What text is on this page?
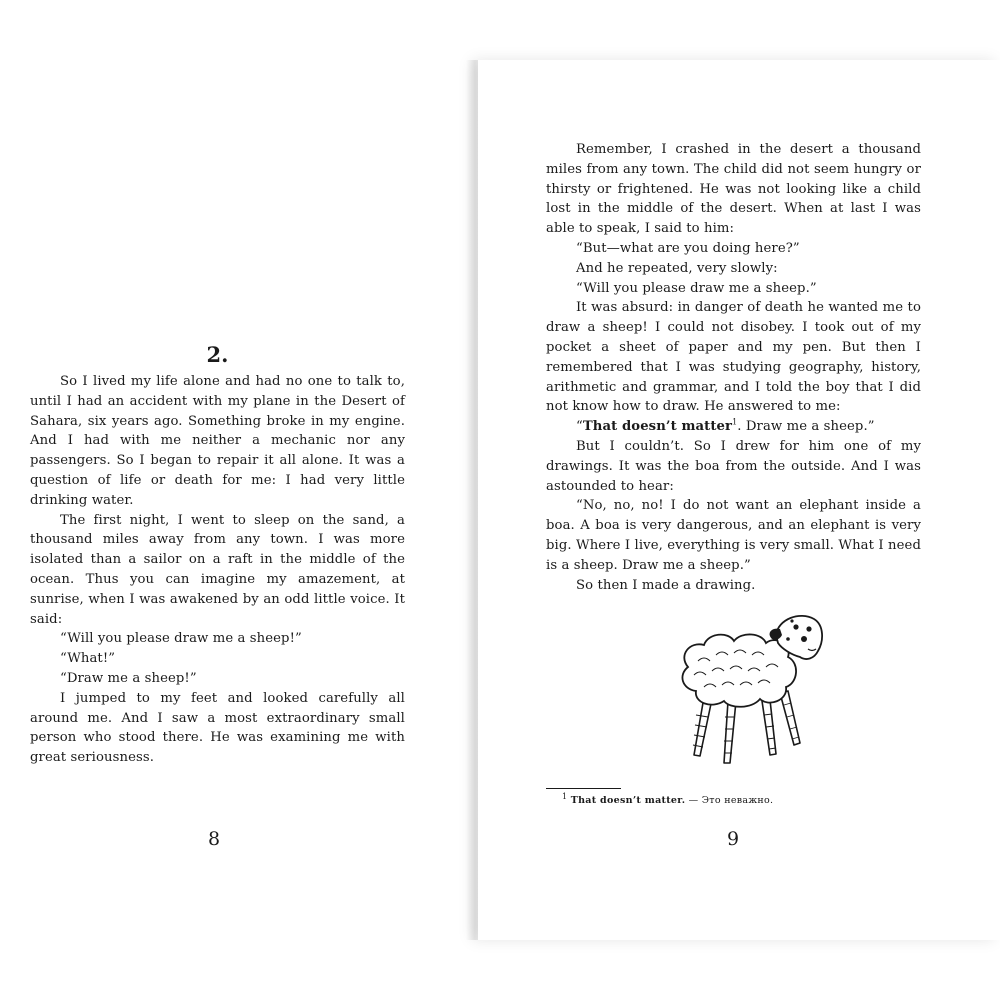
2.

So I lived my life alone and had no one to talk to, until I had an accident with my plane in the Desert of Sahara, six years ago. Something broke in my engine. And I had with me neither a mechanic nor any passengers. So I began to repair it all alone. It was a question of life or death for me: I had very little drinking water.

The first night, I went to sleep on the sand, a thousand miles away from any town. I was more isolated than a sailor on a raft in the middle of the ocean. Thus you can imagine my amazement, at sunrise, when I was awakened by an odd little voice. It said:

“Will you please draw me a sheep!”

“What!”

“Draw me a sheep!”

I jumped to my feet and looked carefully all around me. And I saw a most extraordinary small person who stood there. He was examining me with great seriousness.

8

Remember, I crashed in the desert a thousand miles from any town. The child did not seem hungry or thirsty or frightened. He was not looking like a child lost in the middle of the desert. When at last I was able to speak, I said to him:

“But—what are you doing here?”

And he repeated, very slowly:

“Will you please draw me a sheep.”

It was absurd: in danger of death he wanted me to draw a sheep! I could not disobey. I took out of my pocket a sheet of paper and my pen. But then I remembered that I was studying geography, history, arithmetic and grammar, and I told the boy that I did not know how to draw. He answered to me:

“That doesn’t matter$^1$. Draw me a sheep.”

But I couldn’t. So I drew for him one of my drawings. It was the boa from the outside. And I was astounded to hear:

“No, no, no! I do not want an elephant inside a boa. A boa is very dangerous, and an elephant is very big. Where I live, everything is very small. What I need is a sheep. Draw me a sheep.”

So then I made a drawing.

$^1$ That doesn’t matter. — Это неважно.
9
